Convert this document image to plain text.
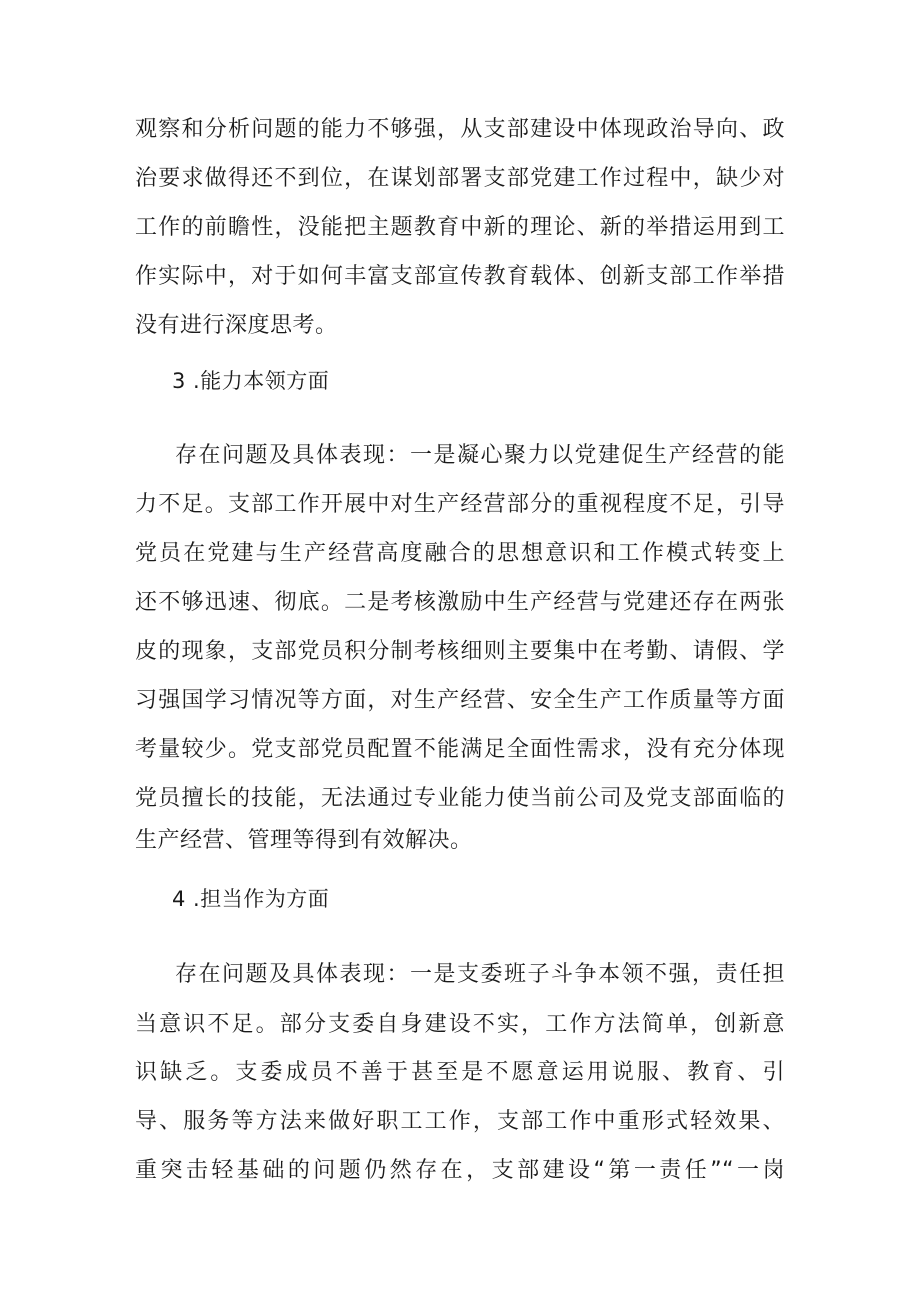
观察和分析问题的能力不够强，从支部建设中体现政治导向、政
治要求做得还不到位，在谋划部署支部党建工作过程中，缺少对
工作的前瞻性，没能把主题教育中新的理论、新的举措运用到工
作实际中，对于如何丰富支部宣传教育载体、创新支部工作举措
没有进行深度思考。
3 .能力本领方面
存在问题及具体表现：一是凝心聚力以党建促生产经营的能
力不足。支部工作开展中对生产经营部分的重视程度不足，引导
党员在党建与生产经营高度融合的思想意识和工作模式转变上
还不够迅速、彻底。二是考核激励中生产经营与党建还存在两张
皮的现象，支部党员积分制考核细则主要集中在考勤、请假、学
习强国学习情况等方面，对生产经营、安全生产工作质量等方面
考量较少。党支部党员配置不能满足全面性需求，没有充分体现
党员擅长的技能，无法通过专业能力使当前公司及党支部面临的
生产经营、管理等得到有效解决。
4 .担当作为方面
存在问题及具体表现：一是支委班子斗争本领不强，责任担
当意识不足。部分支委自身建设不实，工作方法简单，创新意
识缺乏。支委成员不善于甚至是不愿意运用说服、教育、引
导、服务等方法来做好职工工作，支部工作中重形式轻效果、
重突击轻基础的问题仍然存在，支部建设“第一责任”“一岗
